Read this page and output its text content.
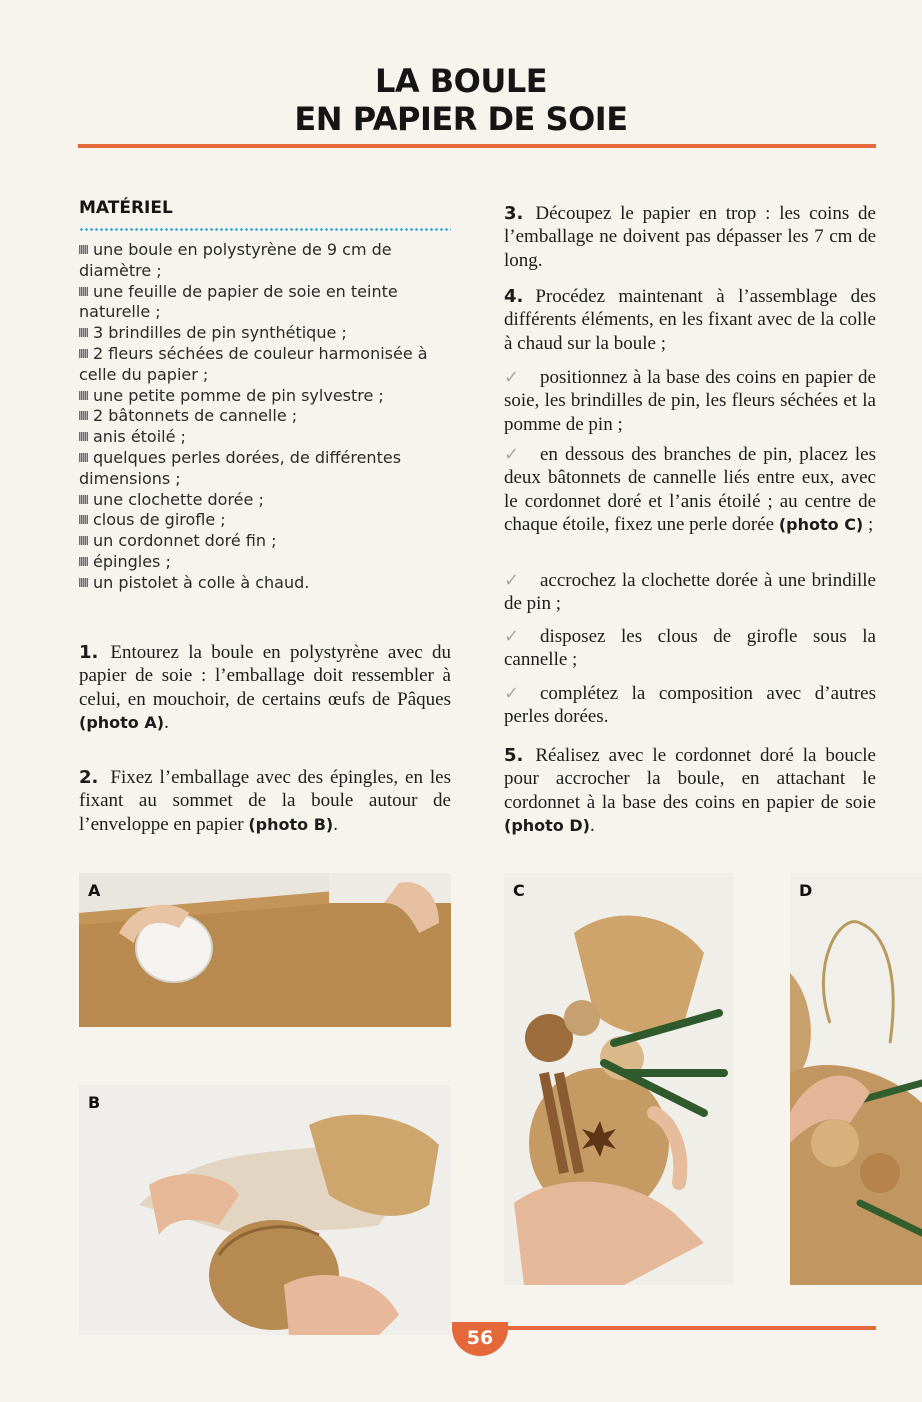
LA BOULE
EN PAPIER DE SOIE
MATÉRIEL
une boule en polystyrène de 9 cm de diamètre ;
une feuille de papier de soie en teinte naturelle ;
3 brindilles de pin synthétique ;
2 fleurs séchées de couleur harmonisée à celle du papier ;
une petite pomme de pin sylvestre ;
2 bâtonnets de cannelle ;
anis étoilé ;
quelques perles dorées, de différentes dimensions ;
une clochette dorée ;
clous de girofle ;
un cordonnet doré fin ;
épingles ;
un pistolet à colle à chaud.
1. Entourez la boule en polystyrène avec du papier de soie : l’emballage doit ressembler à celui, en mouchoir, de certains œufs de Pâques (photo A).
2. Fixez l’emballage avec des épingles, en les fixant au sommet de la boule autour de l’enveloppe en papier (photo B).
3. Découpez le papier en trop : les coins de l’emballage ne doivent pas dépasser les 7 cm de long.
4. Procédez maintenant à l’assemblage des différents éléments, en les fixant avec de la colle à chaud sur la boule ;
✓ positionnez à la base des coins en papier de soie, les brindilles de pin, les fleurs séchées et la pomme de pin ;
✓ en dessous des branches de pin, placez les deux bâtonnets de cannelle liés entre eux, avec le cordonnet doré et l’anis étoilé ; au centre de chaque étoile, fixez une perle dorée (photo C) ;
✓ accrochez la clochette dorée à une brindille de pin ;
✓ disposez les clous de girofle sous la cannelle ;
✓ complétez la composition avec d’autres perles dorées.
5. Réalisez avec le cordonnet doré la boucle pour accrocher la boule, en attachant le cordonnet à la base des coins en papier de soie (photo D).
A
B
C	D
56
